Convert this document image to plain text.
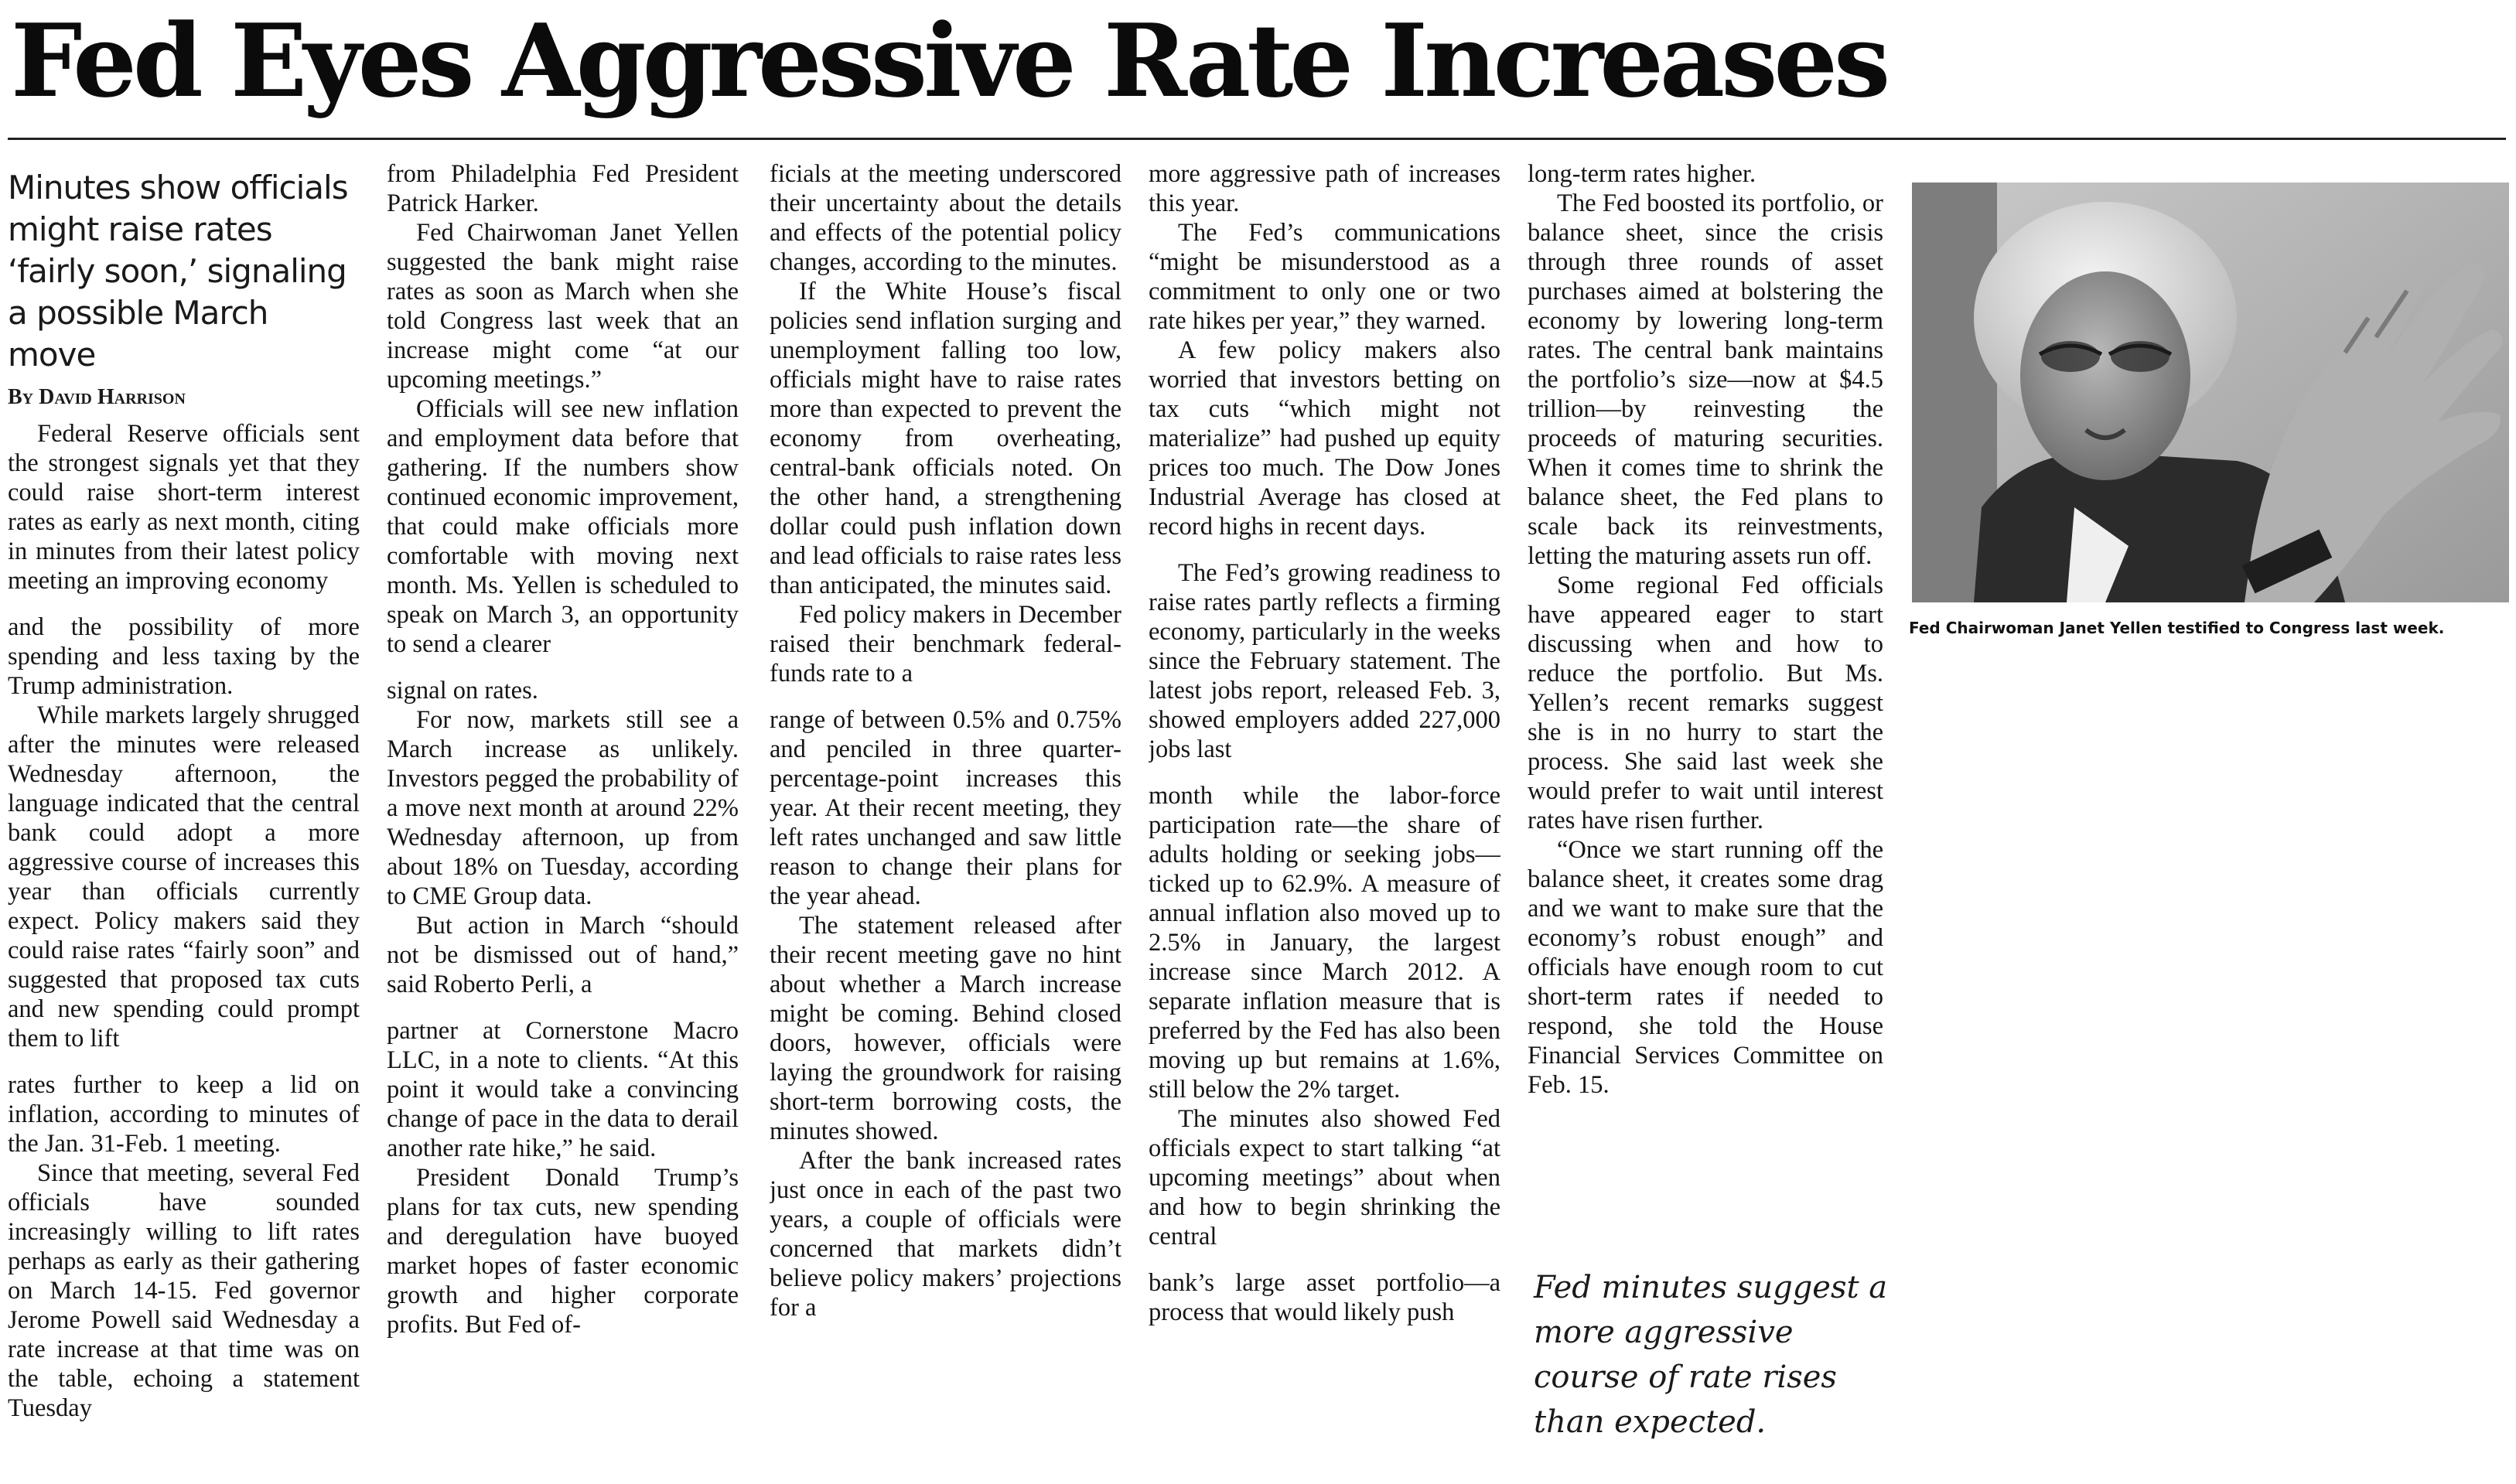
Fed Eyes Aggressive Rate Increases
Minutes show officials might raise rates ‘fairly soon,’ signaling a possible March move
By David Harrison

Federal Reserve officials sent the strongest signals yet that they could raise short-term interest rates as early as next month, citing in minutes from their latest policy meeting an improving economy

and the possibility of more spending and less taxing by the Trump administration.

While markets largely shrugged after the minutes were released Wednesday afternoon, the language indicated that the central bank could adopt a more aggressive course of increases this year than officials currently expect. Policy makers said they could raise rates “fairly soon” and suggested that proposed tax cuts and new spending could prompt them to lift

rates further to keep a lid on inflation, according to minutes of the Jan. 31-Feb. 1 meeting.

Since that meeting, several Fed officials have sounded increasingly willing to lift rates perhaps as early as their gathering on March 14-15. Fed governor Jerome Powell said Wednesday a rate increase at that time was on the table, echoing a statement Tuesday

from Philadelphia Fed President Patrick Harker.

Fed Chairwoman Janet Yellen suggested the bank might raise rates as soon as March when she told Congress last week that an increase might come “at our upcoming meetings.”

Officials will see new inflation and employment data before that gathering. If the numbers show continued economic improvement, that could make officials more comfortable with moving next month. Ms. Yellen is scheduled to speak on March 3, an opportunity to send a clearer

signal on rates.

For now, markets still see a March increase as unlikely. Investors pegged the probability of a move next month at around 22% Wednesday afternoon, up from about 18% on Tuesday, according to CME Group data.

But action in March “should not be dismissed out of hand,” said Roberto Perli, a

partner at Cornerstone Macro LLC, in a note to clients. “At this point it would take a convincing change of pace in the data to derail another rate hike,” he said.

President Donald Trump’s plans for tax cuts, new spending and deregulation have buoyed market hopes of faster economic growth and higher corporate profits. But Fed of-

ficials at the meeting underscored their uncertainty about the details and effects of the potential policy changes, according to the minutes.

If the White House’s fiscal policies send inflation surging and unemployment falling too low, officials might have to raise rates more than expected to prevent the economy from overheating, central-bank officials noted. On the other hand, a strengthening dollar could push inflation down and lead officials to raise rates less than anticipated, the minutes said.

Fed policy makers in December raised their benchmark federal-funds rate to a

range of between 0.5% and 0.75% and penciled in three quarter-percentage-point increases this year. At their recent meeting, they left rates unchanged and saw little reason to change their plans for the year ahead.

The statement released after their recent meeting gave no hint about whether a March increase might be coming. Behind closed doors, however, officials were laying the groundwork for raising short-term borrowing costs, the minutes showed.

After the bank increased rates just once in each of the past two years, a couple of officials were concerned that markets didn’t believe policy makers’ projections for a

more aggressive path of increases this year.

The Fed’s communications “might be misunderstood as a commitment to only one or two rate hikes per year,” they warned.

A few policy makers also worried that investors betting on tax cuts “which might not materialize” had pushed up equity prices too much. The Dow Jones Industrial Average has closed at record highs in recent days.

The Fed’s growing readiness to raise rates partly reflects a firming economy, particularly in the weeks since the February statement. The latest jobs report, released Feb. 3, showed employers added 227,000 jobs last

month while the labor-force participation rate—the share of adults holding or seeking jobs—ticked up to 62.9%. A measure of annual inflation also moved up to 2.5% in January, the largest increase since March 2012. A separate inflation measure that is preferred by the Fed has also been moving up but remains at 1.6%, still below the 2% target.

The minutes also showed Fed officials expect to start talking “at upcoming meetings” about when and how to begin shrinking the central

bank’s large asset portfolio—a process that would likely push

long-term rates higher.

The Fed boosted its portfolio, or balance sheet, since the crisis through three rounds of asset purchases aimed at bolstering the economy by lowering long-term rates. The central bank maintains the portfolio’s size—now at $4.5 trillion—by reinvesting the proceeds of maturing securities. When it comes time to shrink the balance sheet, the Fed plans to scale back its reinvestments, letting the maturing assets run off.

Some regional Fed officials have appeared eager to start discussing when and how to reduce the portfolio. But Ms. Yellen’s recent remarks suggest she is in no hurry to start the process. She said last week she would prefer to wait until interest rates have risen further.

“Once we start running off the balance sheet, it creates some drag and we want to make sure that the economy’s robust enough” and officials have enough room to cut short-term rates if needed to respond, she told the House Financial Services Committee on Feb. 15.

Fed Chairwoman Janet Yellen testified to Congress last week.
Fed minutes suggest a more aggressive course of rate rises than expected.
